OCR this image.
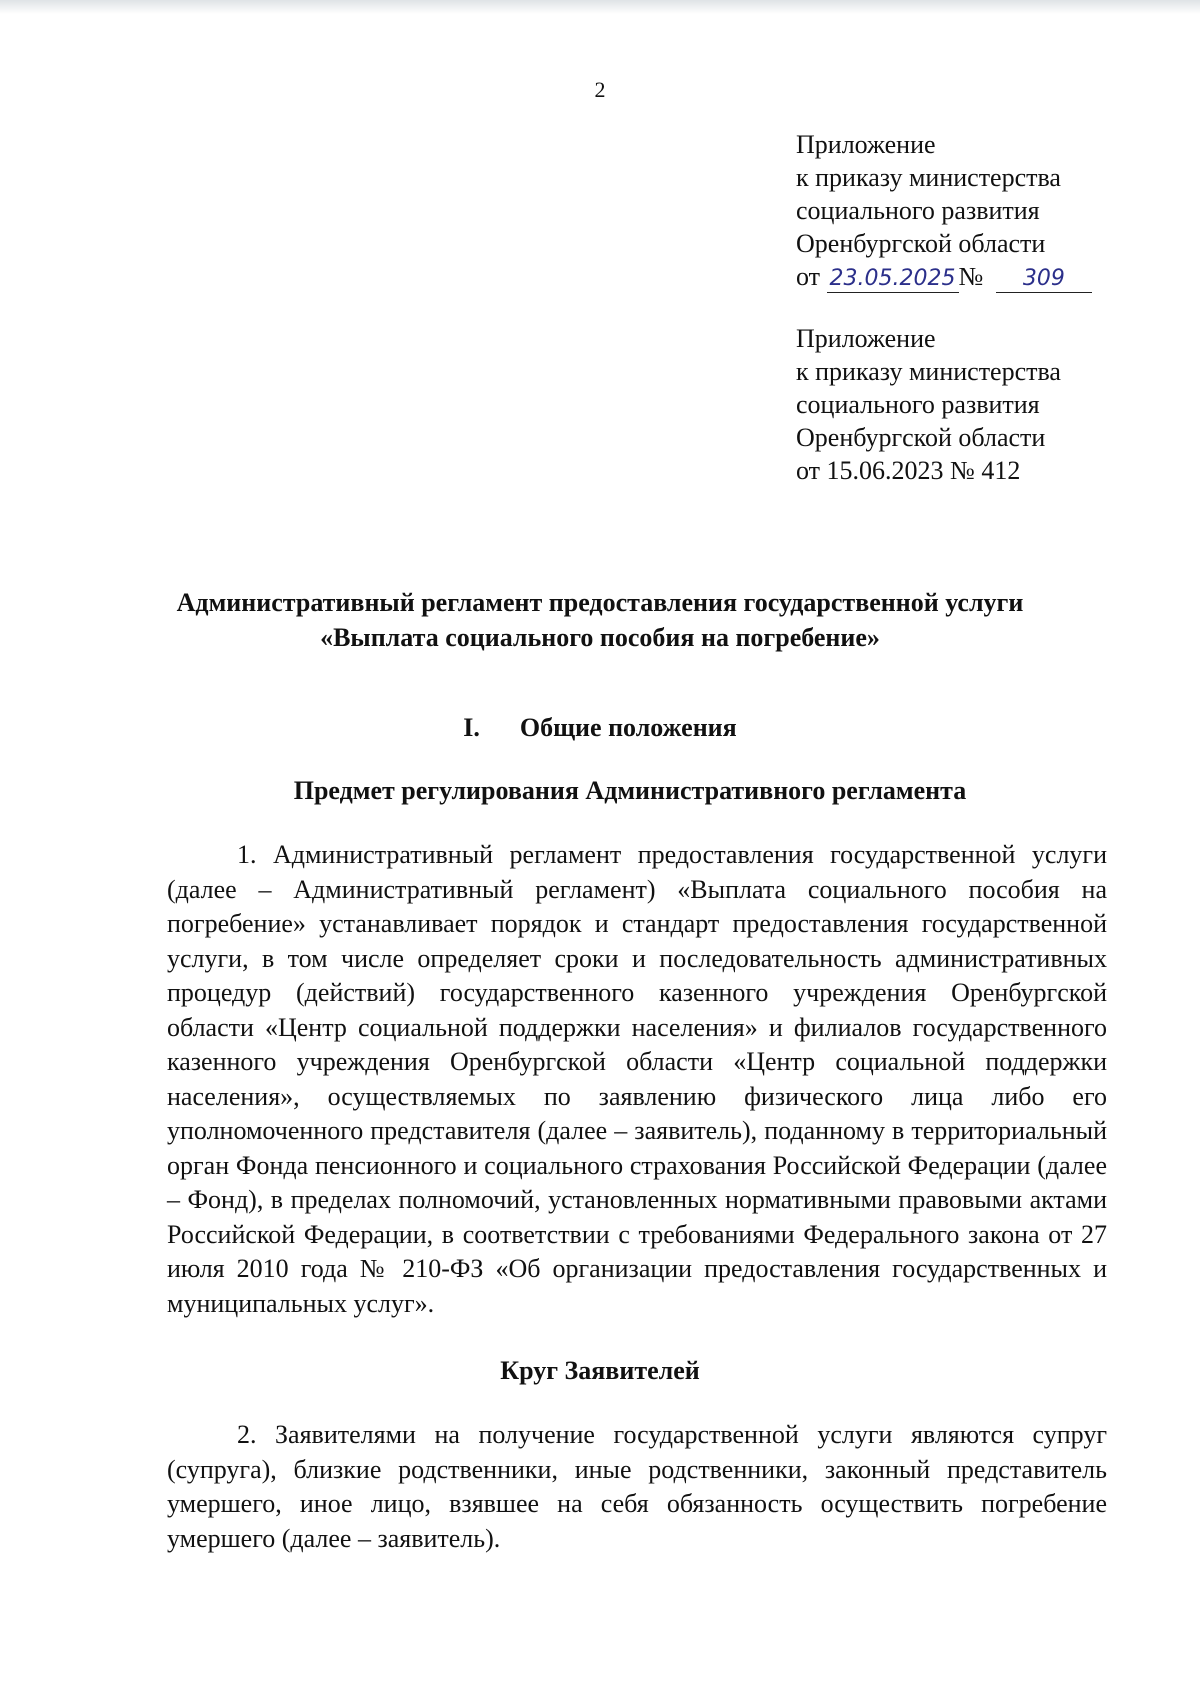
2
Приложение
к приказу министерства
социального развития
Оренбургской области
от 23.05.2025 № 309
Приложение
к приказу министерства
социального развития
Оренбургской области
от 15.06.2023 № 412
Административный регламент предоставления государственной услуги
«Выплата социального пособия на погребение»
I. Общие положения
Предмет регулирования Административного регламента
1. Административный регламент предоставления государственной услуги (далее – Административный регламент) «Выплата социального пособия на погребение» устанавливает порядок и стандарт предоставления государственной услуги, в том числе определяет сроки и последовательность административных процедур (действий) государственного казенного учреждения Оренбургской области «Центр социальной поддержки населения» и филиалов государственного казенного учреждения Оренбургской области «Центр социальной поддержки населения», осуществляемых по заявлению физического лица либо его уполномоченного представителя (далее – заявитель), поданному в территориальный орган Фонда пенсионного и социального страхования Российской Федерации (далее – Фонд), в пределах полномочий, установленных нормативными правовыми актами Российской Федерации, в соответствии с требованиями Федерального закона от 27 июля 2010 года № 210-ФЗ «Об организации предоставления государственных и муниципальных услуг».
Круг Заявителей
2. Заявителями на получение государственной услуги являются супруг (супруга), близкие родственники, иные родственники, законный представитель умершего, иное лицо, взявшее на себя обязанность осуществить погребение умершего (далее – заявитель).
